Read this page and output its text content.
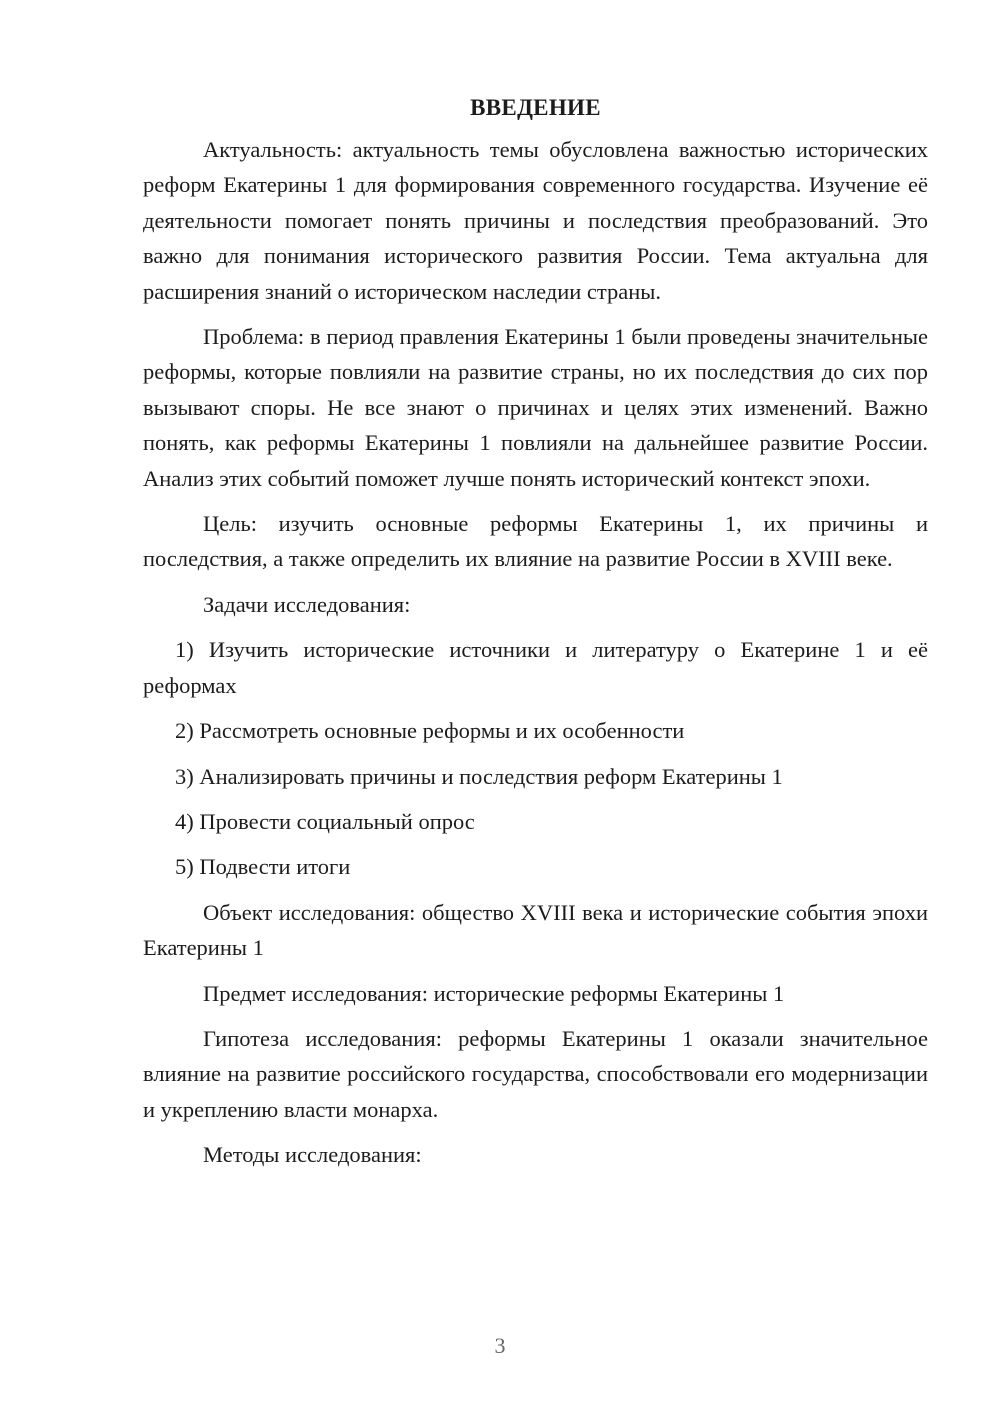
ВВЕДЕНИЕ

Актуальность: актуальность темы обусловлена важностью исторических реформ Екатерины 1 для формирования современного государства. Изучение её деятельности помогает понять причины и последствия преобразований. Это важно для понимания исторического развития России. Тема актуальна для расширения знаний о историческом наследии страны.

Проблема: в период правления Екатерины 1 были проведены значительные реформы, которые повлияли на развитие страны, но их последствия до сих пор вызывают споры. Не все знают о причинах и целях этих изменений. Важно понять, как реформы Екатерины 1 повлияли на дальнейшее развитие России. Анализ этих событий поможет лучше понять исторический контекст эпохи.

Цель: изучить основные реформы Екатерины 1, их причины и последствия, а также определить их влияние на развитие России в XVIII веке.

Задачи исследования:

1) Изучить исторические источники и литературу о Екатерине 1 и её реформах

2) Рассмотреть основные реформы и их особенности

3) Анализировать причины и последствия реформ Екатерины 1

4) Провести социальный опрос

5) Подвести итоги

Объект исследования: общество XVIII века и исторические события эпохи Екатерины 1

Предмет исследования: исторические реформы Екатерины 1

Гипотеза исследования: реформы Екатерины 1 оказали значительное влияние на развитие российского государства, способствовали его модернизации и укреплению власти монарха.

Методы исследования:

3
